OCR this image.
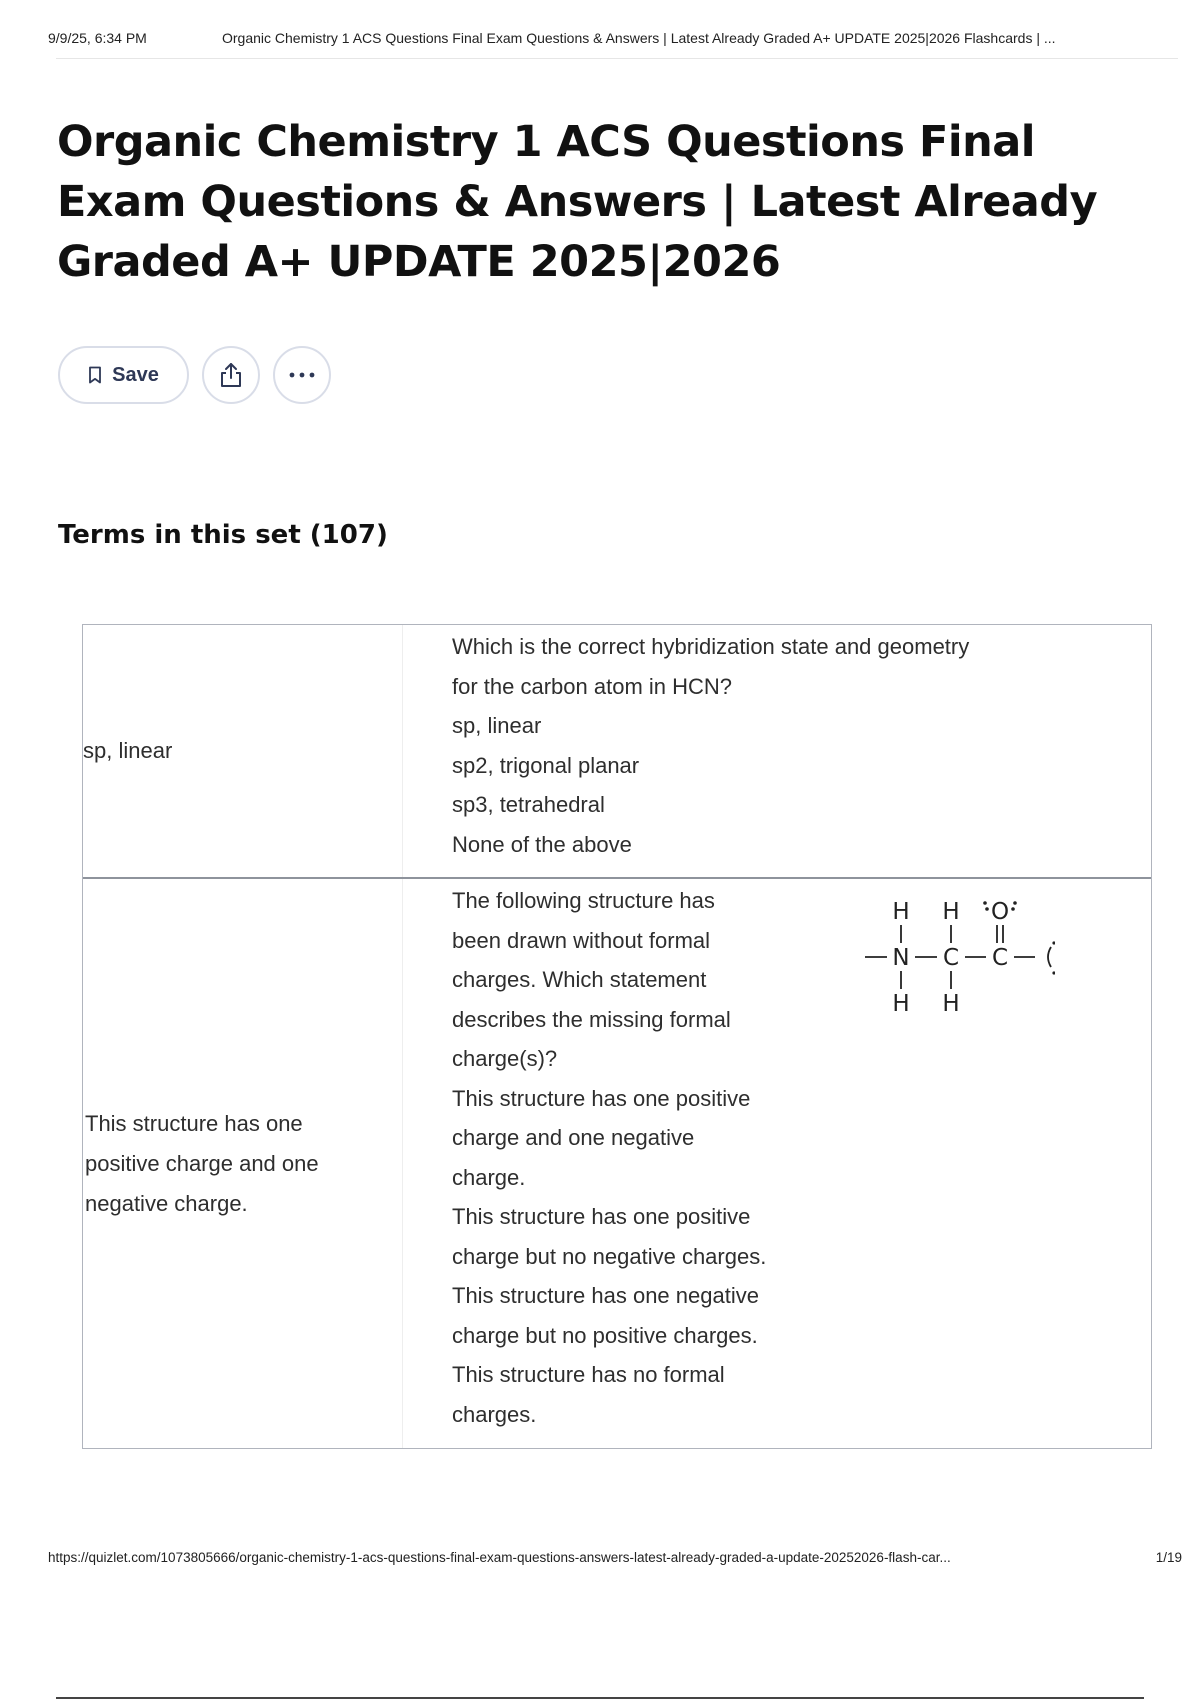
9/9/25, 6:34 PM	Organic Chemistry 1 ACS Questions Final Exam Questions & Answers | Latest Already Graded A+ UPDATE 2025|2026 Flashcards | ...
Organic Chemistry 1 ACS Questions Final Exam Questions & Answers | Latest Already Graded A+ UPDATE 2025|2026
Save
Terms in this set (107)
sp, linear
Which is the correct hybridization state and geometry
for the carbon atom in HCN?
sp, linear
sp2, trigonal planar
sp3, tetrahedral
None of the above
This structure has one positive charge and one negative charge.
The following structure has
been drawn without formal
charges. Which statement
describes the missing formal
charge(s)?
This structure has one positive
charge and one negative
charge.
This structure has one positive
charge but no negative charges.
This structure has one negative
charge but no positive charges.
This structure has no formal
charges.
H H O
N C C
H H
https://quizlet.com/1073805666/organic-chemistry-1-acs-questions-final-exam-questions-answers-latest-already-graded-a-update-20252026-flash-car...	1/19
